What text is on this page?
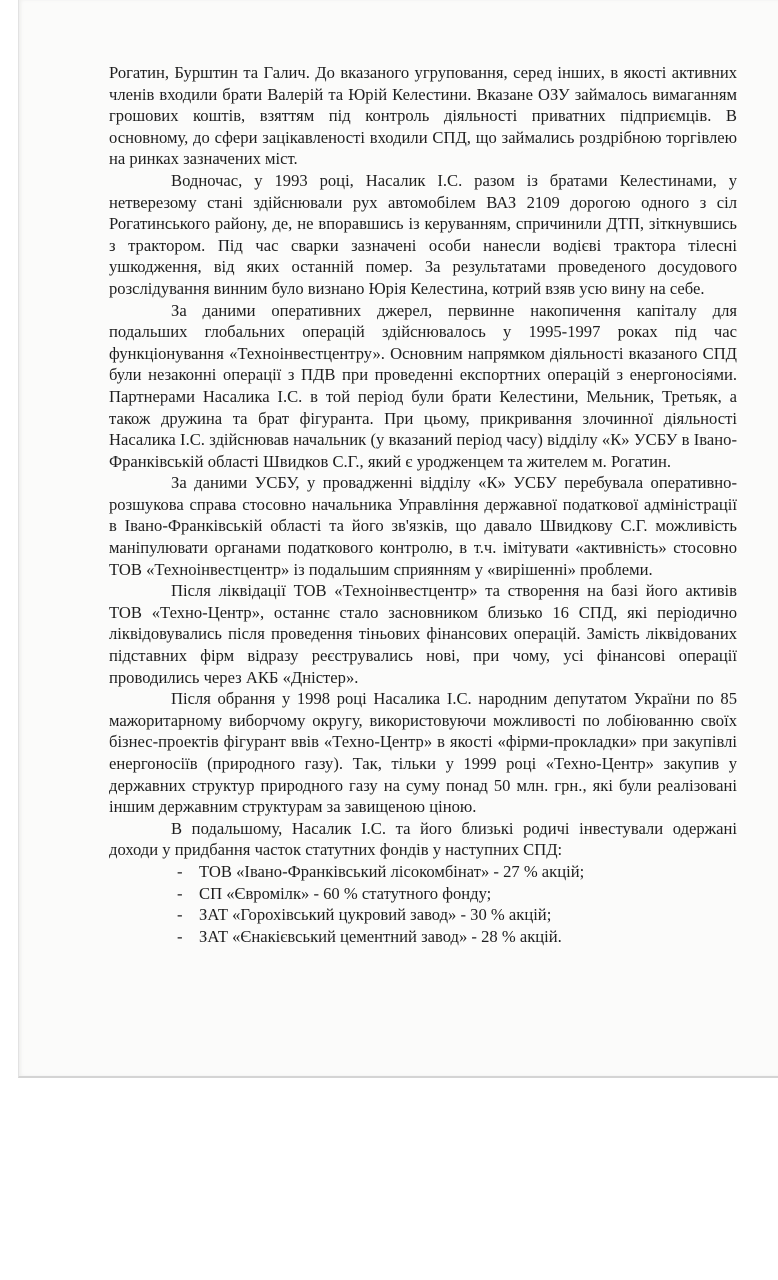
Рогатин, Бурштин та Галич. До вказаного угруповання, серед інших, в якості активних членів входили брати Валерій та Юрій Келестини. Вказане ОЗУ займалось вимаганням грошових коштів, взяттям під контроль діяльності приватних підприємців. В основному, до сфери зацікавленості входили СПД, що займались роздрібною торгівлею на ринках зазначених міст.

Водночас, у 1993 році, Насалик І.С. разом із братами Келестинами, у нетверезому стані здійснювали рух автомобілем ВАЗ 2109 дорогою одного з сіл Рогатинського району, де, не впоравшись із керуванням, спричинили ДТП, зіткнувшись з трактором. Під час сварки зазначені особи нанесли водієві трактора тілесні ушкодження, від яких останній помер. За результатами проведеного досудового розслідування винним було визнано Юрія Келестина, котрий взяв усю вину на себе.

За даними оперативних джерел, первинне накопичення капіталу для подальших глобальних операцій здійснювалось у 1995-1997 роках під час функціонування «Техноінвестцентру». Основним напрямком діяльності вказаного СПД були незаконні операції з ПДВ при проведенні експортних операцій з енергоносіями. Партнерами Насалика І.С. в той період були брати Келестини, Мельник, Третьяк, а також дружина та брат фігуранта. При цьому, прикривання злочинної діяльності Насалика І.С. здійснював начальник (у вказаний період часу) відділу «К» УСБУ в Івано-Франківській області Швидков С.Г., який є уродженцем та жителем м. Рогатин.

За даними УСБУ, у провадженні відділу «К» УСБУ перебувала оперативно-розшукова справа стосовно начальника Управління державної податкової адміністрації в Івано-Франківській області та його зв'язків, що давало Швидкову С.Г. можливість маніпулювати органами податкового контролю, в т.ч. імітувати «активність» стосовно ТОВ «Техноінвестцентр» із подальшим сприянням у «вирішенні» проблеми.

Після ліквідації ТОВ «Техноінвестцентр» та створення на базі його активів ТОВ «Техно-Центр», останнє стало засновником близько 16 СПД, які періодично ліквідовувались після проведення тіньових фінансових операцій. Замість ліквідованих підставних фірм відразу реєструвались нові, при чому, усі фінансові операції проводились через АКБ «Дністер».

Після обрання у 1998 році Насалика І.С. народним депутатом України по 85 мажоритарному виборчому округу, використовуючи можливості по лобіюванню своїх бізнес-проектів фігурант ввів «Техно-Центр» в якості «фірми-прокладки» при закупівлі енергоносіїв (природного газу). Так, тільки у 1999 році «Техно-Центр» закупив у державних структур природного газу на суму понад 50 млн. грн., які були реалізовані іншим державним структурам за завищеною ціною.

В подальшому, Насалик І.С. та його близькі родичі інвестували одержані доходи у придбання часток статутних фондів у наступних СПД:

- ТОВ «Івано-Франківський лісокомбінат» - 27 % акцій;
- СП «Євромілк» - 60 % статутного фонду;
- ЗАТ «Горохівський цукровий завод» - 30 % акцій;
- ЗАТ «Єнакієвський цементний завод» - 28 % акцій.
